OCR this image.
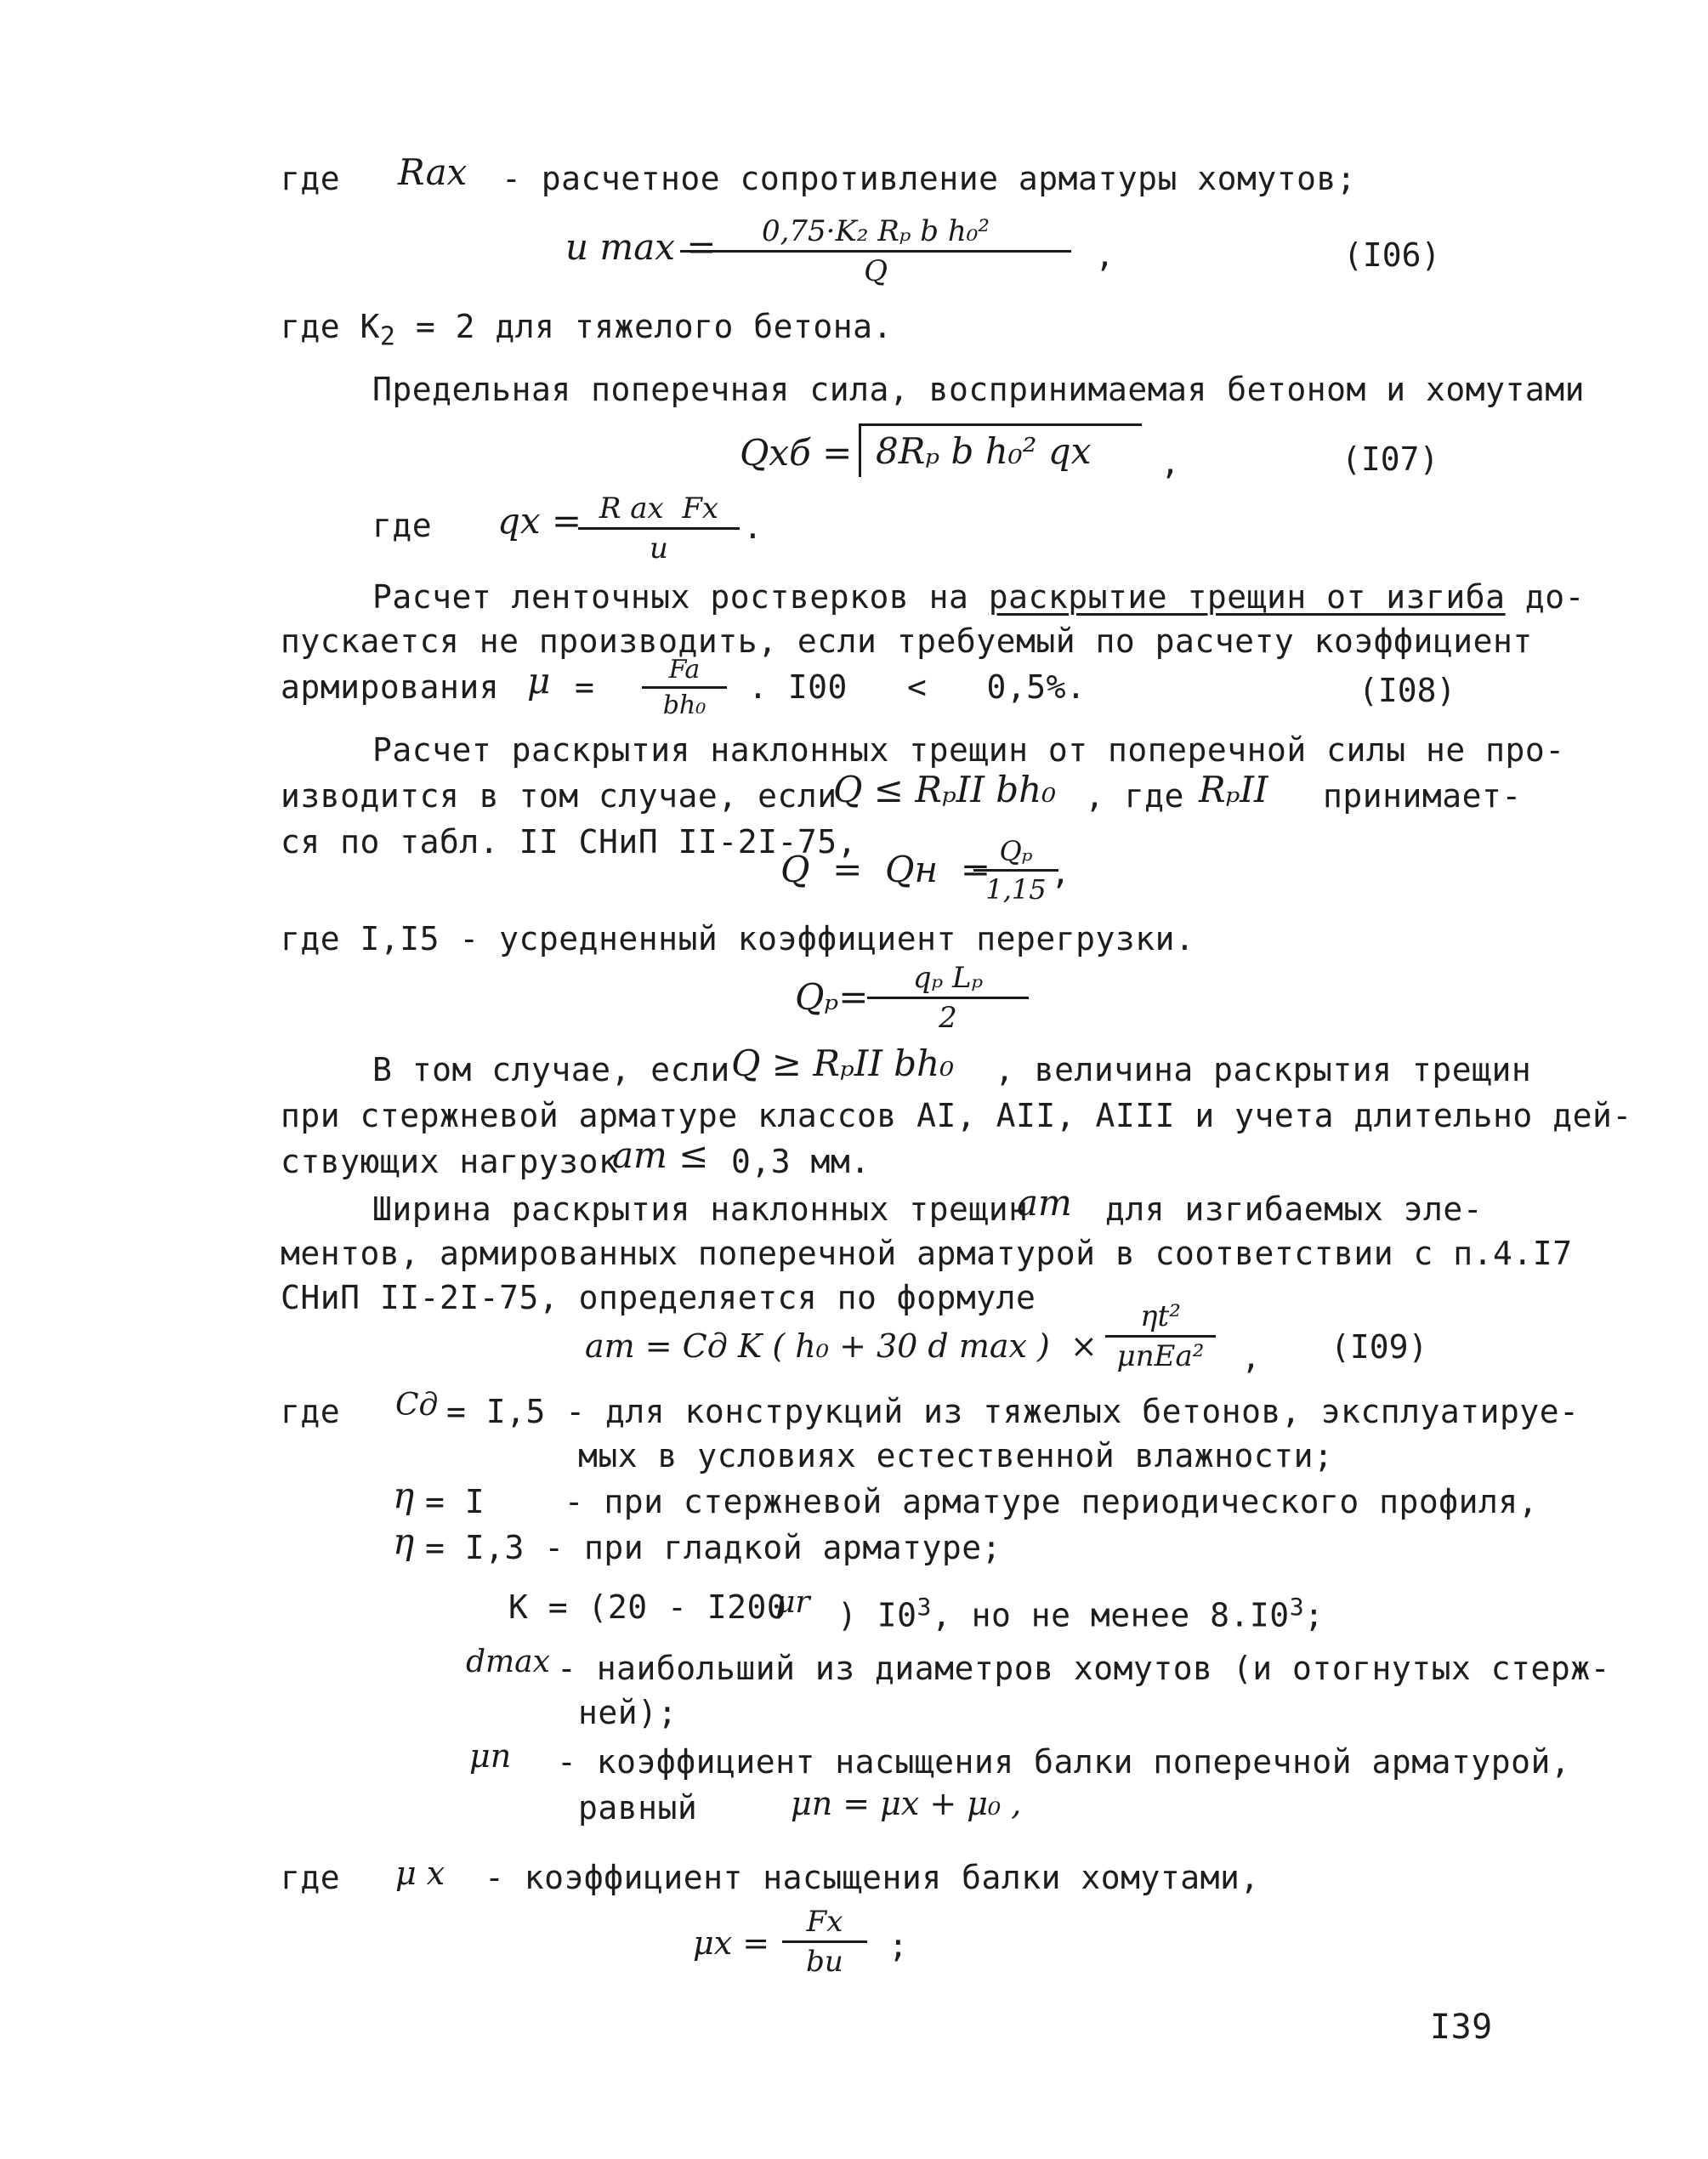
где Rax - расчетное сопротивление арматуры хомутов;
u max =
$\frac{\text{0,75·K₂ Rₚ b h₀²}}{Q}$ ,	(I06)
где $К_2 = 2$ для тяжелого бетона.
Предельная поперечная сила, воспринимаемая бетоном и хомутами
Qxб = 8Rₚ b h₀² qx ,	(I07)
где qx =
$\frac{\text{R ax  Fx}}{u}$ .
Расчет ленточных ростверков на раскрытие трещин от изгиба до-
пускается не производить, если требуемый по расчету коэффициент
армирования $\mu = \frac{Fa}{\text{bh₀}}$ . I00   <   0,5%.	(I08)
Расчет раскрытия наклонных трещин от поперечной силы не про-
изводится в том случае, если
Q ≤ RₚII bh₀ , где RₚII принимает-
ся по табл. II СНиП II-2I-75,
Q  =  Qн  =
$\frac{\text{Qₚ}}{1,15}$
,
где I,I5 - усредненный коэффициент перегрузки.
Qₚ=
$\frac{\text{qₚ Lₚ}}{2}$
В том случае, если Q ≥ RₚII bh₀ , величина раскрытия трещин
при стержневой арматуре классов AI, AII, AIII и учета длительно дей-
ствующих нагрузок
aт ≤ 0,3 мм.
Ширина раскрытия наклонных трещин
aт для изгибаемых эле-
ментов, армированных поперечной арматурой в соответствии с п.4.I7
СНиП II-2I-75, определяется по формуле
aт = Cд K ( h₀ + 30 d max )  ×
ηt²
μnEa²	, (I09)
где Cд = I,5 - для конструкций из тяжелых бетонов, эксплуатируе-
мых в условиях естественной влажности;
η = I    - при стержневой арматуре периодического профиля,
η = I,3 - при гладкой арматуре;
K = (20 - I200
μr ) $I0^3$, но не менее $8.I0^3$;
dmax - наибольший из диаметров хомутов (и отогнутых стерж-
ней);
μn - коэффициент насыщения балки поперечной арматурой,
равный	μn = μx + μ₀ ,
где μ x - коэффициент насыщения балки хомутами,
$\mu x = \frac{Fx}{bu}$ ;
I39
